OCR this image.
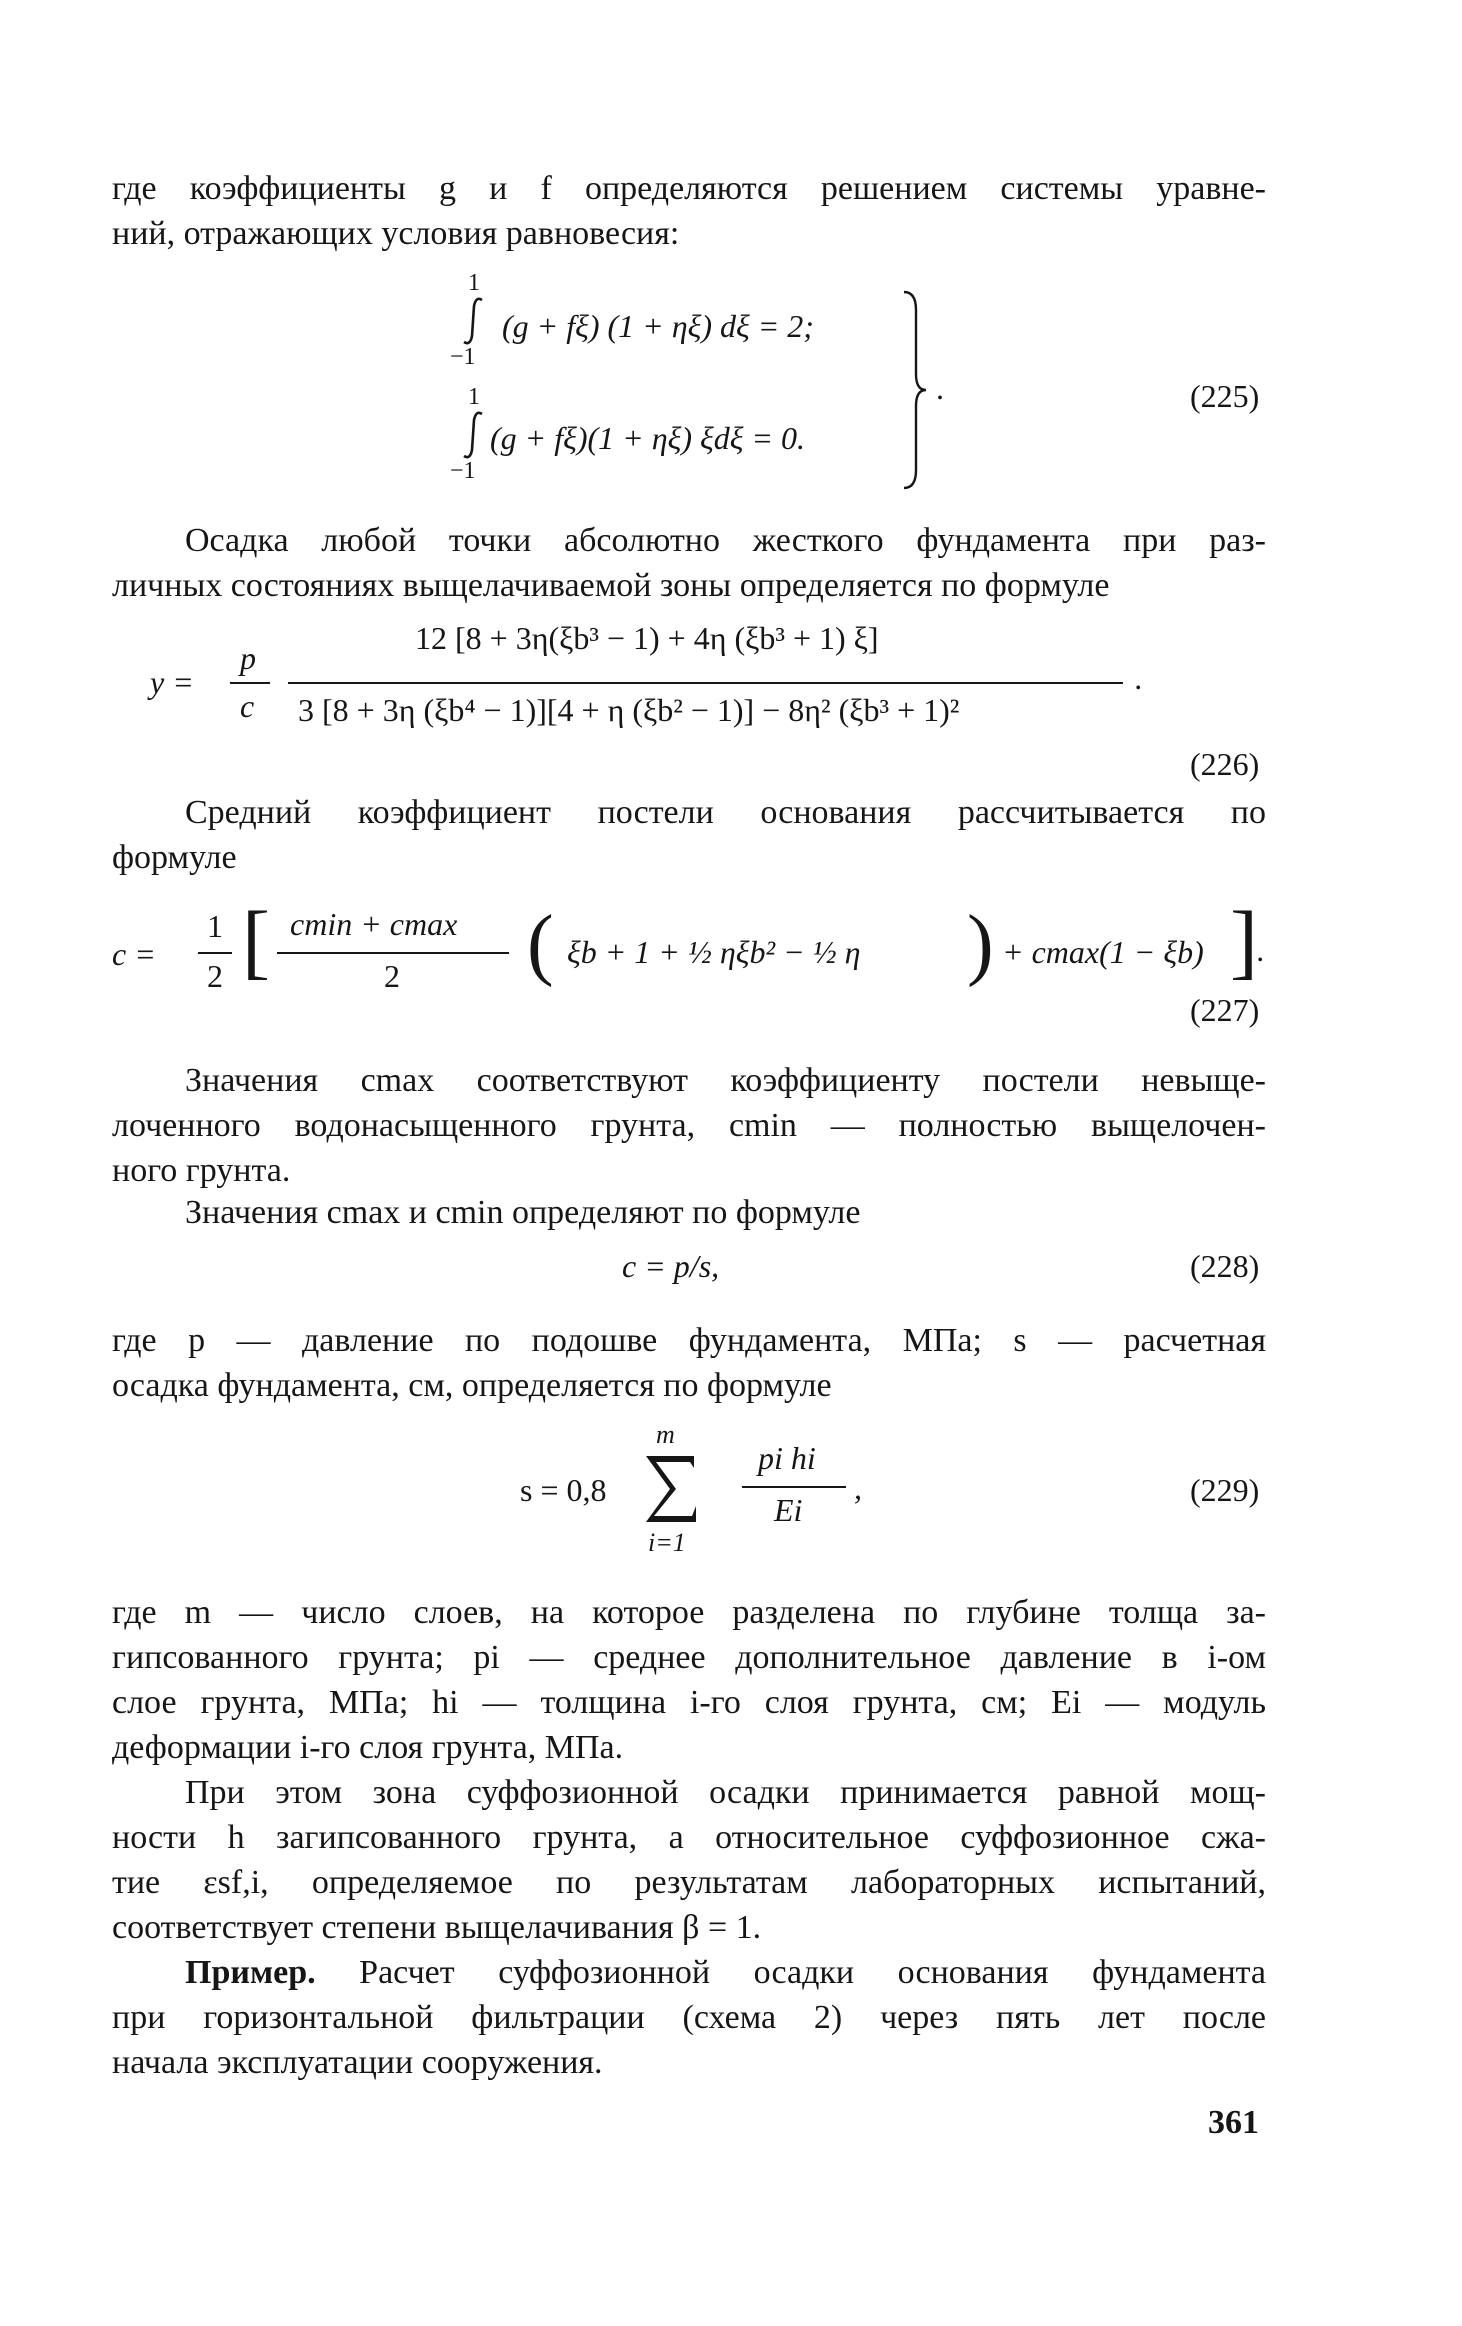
где коэффициенты g и f определяются решением системы уравне-
ний, отражающих условия равновесия:
1
−1
(g + fξ) (1 + ηξ) dξ = 2;
1
−1
(g + fξ)(1 + ηξ) ξdξ = 0.
.	(225)
Осадка любой точки абсолютно жесткого фундамента при раз-
личных состояниях выщелачиваемой зоны определяется по формуле
y =
p
c
12 [8 + 3η(ξb³ − 1) + 4η (ξb³ + 1) ξ]
3 [8 + 3η (ξb⁴ − 1)][4 + η (ξb² − 1)] − 8η² (ξb³ + 1)²
.
(226)
Средний коэффициент постели основания рассчитывается по
формуле
c =
1
2 [ cmin + cmax
2 ( ξb + 1 + ½ ηξb² − ½ η ) + cmax(1 − ξb) ] .
(227)
Значения cmax соответствуют коэффициенту постели невыще-
лоченного водонасыщенного грунта, cmin — полностью выщелочен-
ного грунта.
Значения cmax и cmin определяют по формуле
c = p/s,	(228)
где p — давление по подошве фундамента, МПа; s — расчетная
осадка фундамента, см, определяется по формуле
s = 0,8
m
i=1
pi hi
Ei
,	(229)
где m — число слоев, на которое разделена по глубине толща за-
гипсованного грунта; pi — среднее дополнительное давление в i-ом
слое грунта, МПа; hi — толщина i-го слоя грунта, см; Ei — модуль
деформации i-го слоя грунта, МПа.
При этом зона суффозионной осадки принимается равной мощ-
ности h загипсованного грунта, а относительное суффозионное сжа-
тие εsf,i, определяемое по результатам лабораторных испытаний,
соответствует степени выщелачивания β = 1.
Пример. Расчет суффозионной осадки основания фундамента
при горизонтальной фильтрации (схема 2) через пять лет после
начала эксплуатации сооружения.
361
